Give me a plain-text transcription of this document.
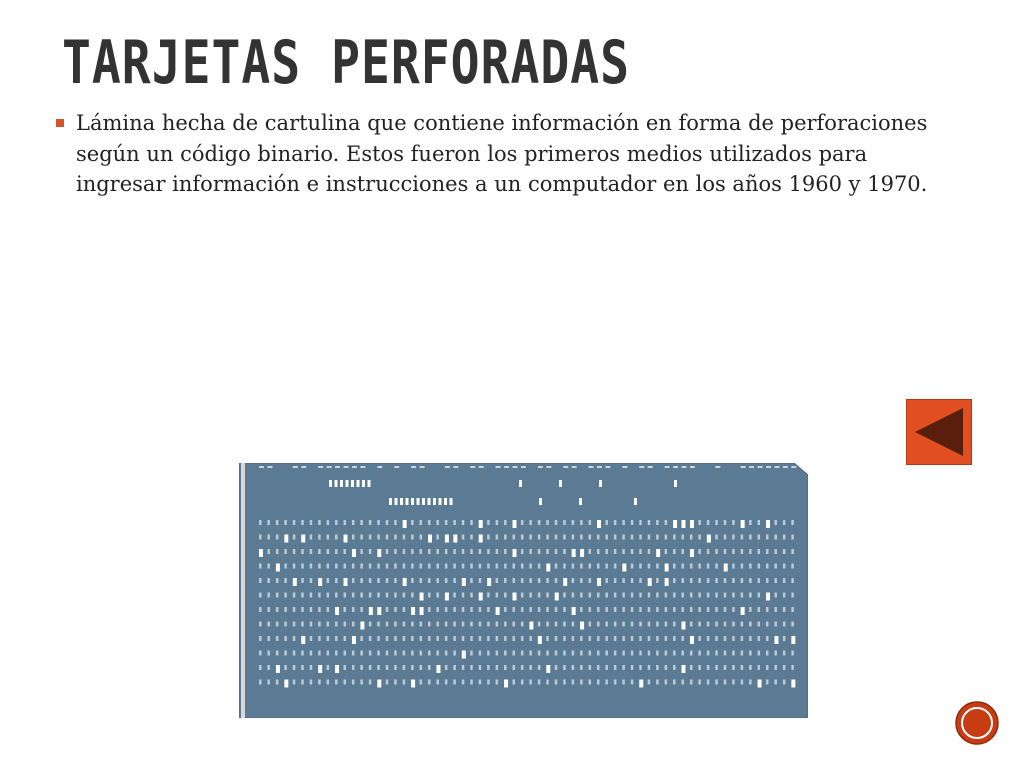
TARJETAS PERFORADAS

Lámina hecha de cartulina que contiene información en forma de perforaciones según un código binario. Estos fueron los primeros medios utilizados para ingresar información e instrucciones a un computador en los años 1960 y 1970.
